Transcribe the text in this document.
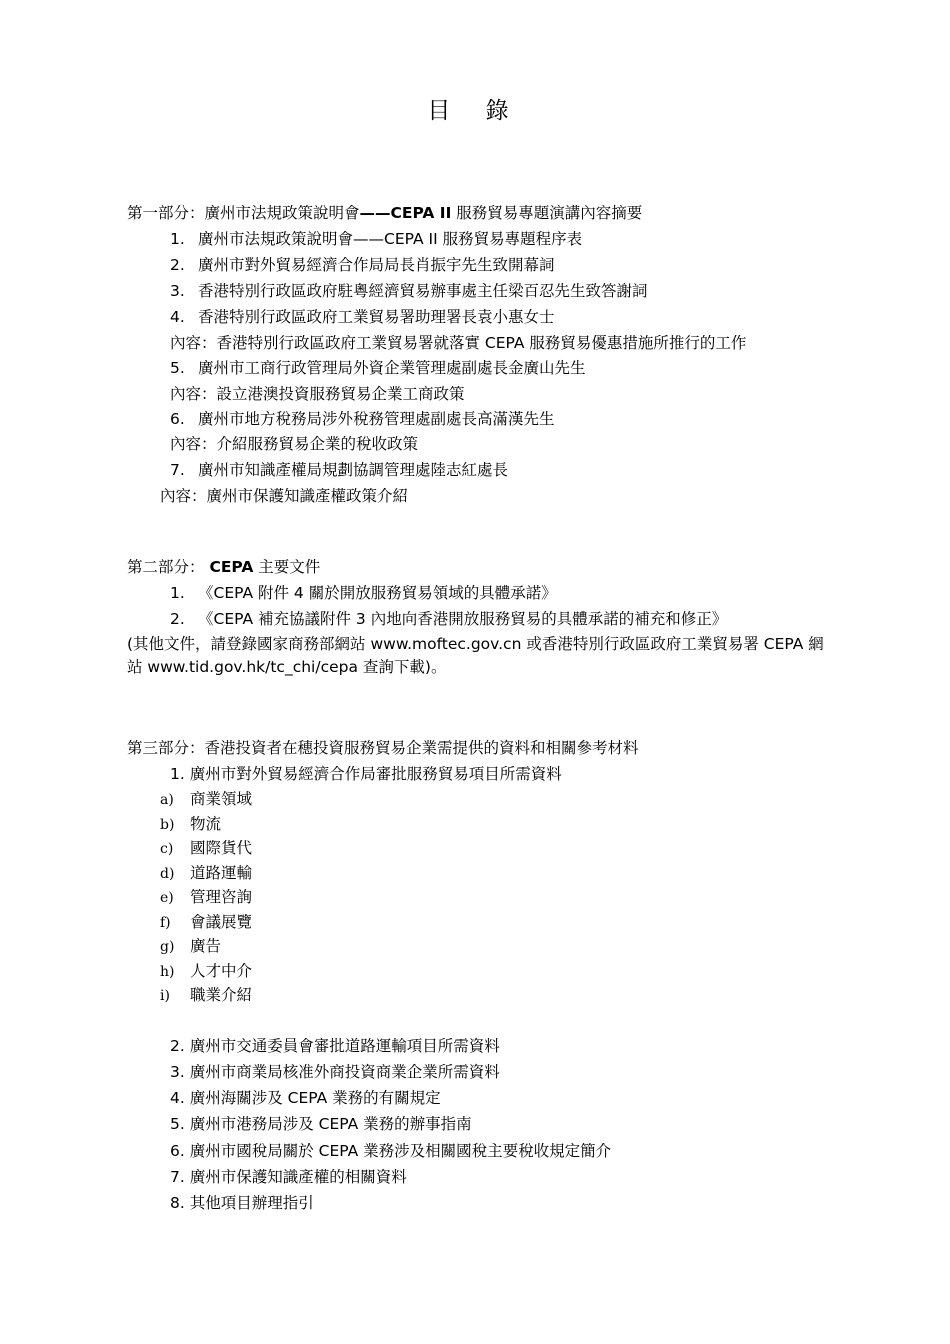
目 錄
第一部分：廣州市法規政策說明會——CEPA II 服務貿易專題演講內容摘要
1. 廣州市法規政策說明會——CEPA II 服務貿易專題程序表
2. 廣州市對外貿易經濟合作局局長肖振宇先生致開幕詞
3. 香港特別行政區政府駐粵經濟貿易辦事處主任梁百忍先生致答謝詞
4. 香港特別行政區政府工業貿易署助理署長袁小惠女士
內容：香港特別行政區政府工業貿易署就落實 CEPA 服務貿易優惠措施所推行的工作
5. 廣州市工商行政管理局外資企業管理處副處長金廣山先生
內容：設立港澳投資服務貿易企業工商政策
6. 廣州市地方稅務局涉外稅務管理處副處長高滿漢先生
內容：介紹服務貿易企業的稅收政策
7. 廣州市知識產權局規劃協調管理處陸志紅處長
內容：廣州市保護知識產權政策介紹
第二部分： CEPA 主要文件
1. 《CEPA 附件 4 關於開放服務貿易領域的具體承諾》
2. 《CEPA 補充協議附件 3 內地向香港開放服務貿易的具體承諾的補充和修正》
(其他文件，請登錄國家商務部網站 www.moftec.gov.cn 或香港特別行政區政府工業貿易署 CEPA 網站 www.tid.gov.hk/tc_chi/cepa 查詢下載)。
第三部分：香港投資者在穗投資服務貿易企業需提供的資料和相關參考材料
1. 廣州市對外貿易經濟合作局審批服務貿易項目所需資料
a) 商業領域
b) 物流
c) 國際貨代
d) 道路運輸
e) 管理咨詢
f) 會議展覽
g) 廣告
h) 人才中介
i) 職業介紹
2. 廣州市交通委員會審批道路運輸項目所需資料
3. 廣州市商業局核准外商投資商業企業所需資料
4. 廣州海關涉及 CEPA 業務的有關規定
5. 廣州市港務局涉及 CEPA 業務的辦事指南
6. 廣州市國稅局關於 CEPA 業務涉及相關國稅主要稅收規定簡介
7. 廣州市保護知識產權的相關資料
8. 其他項目辦理指引
